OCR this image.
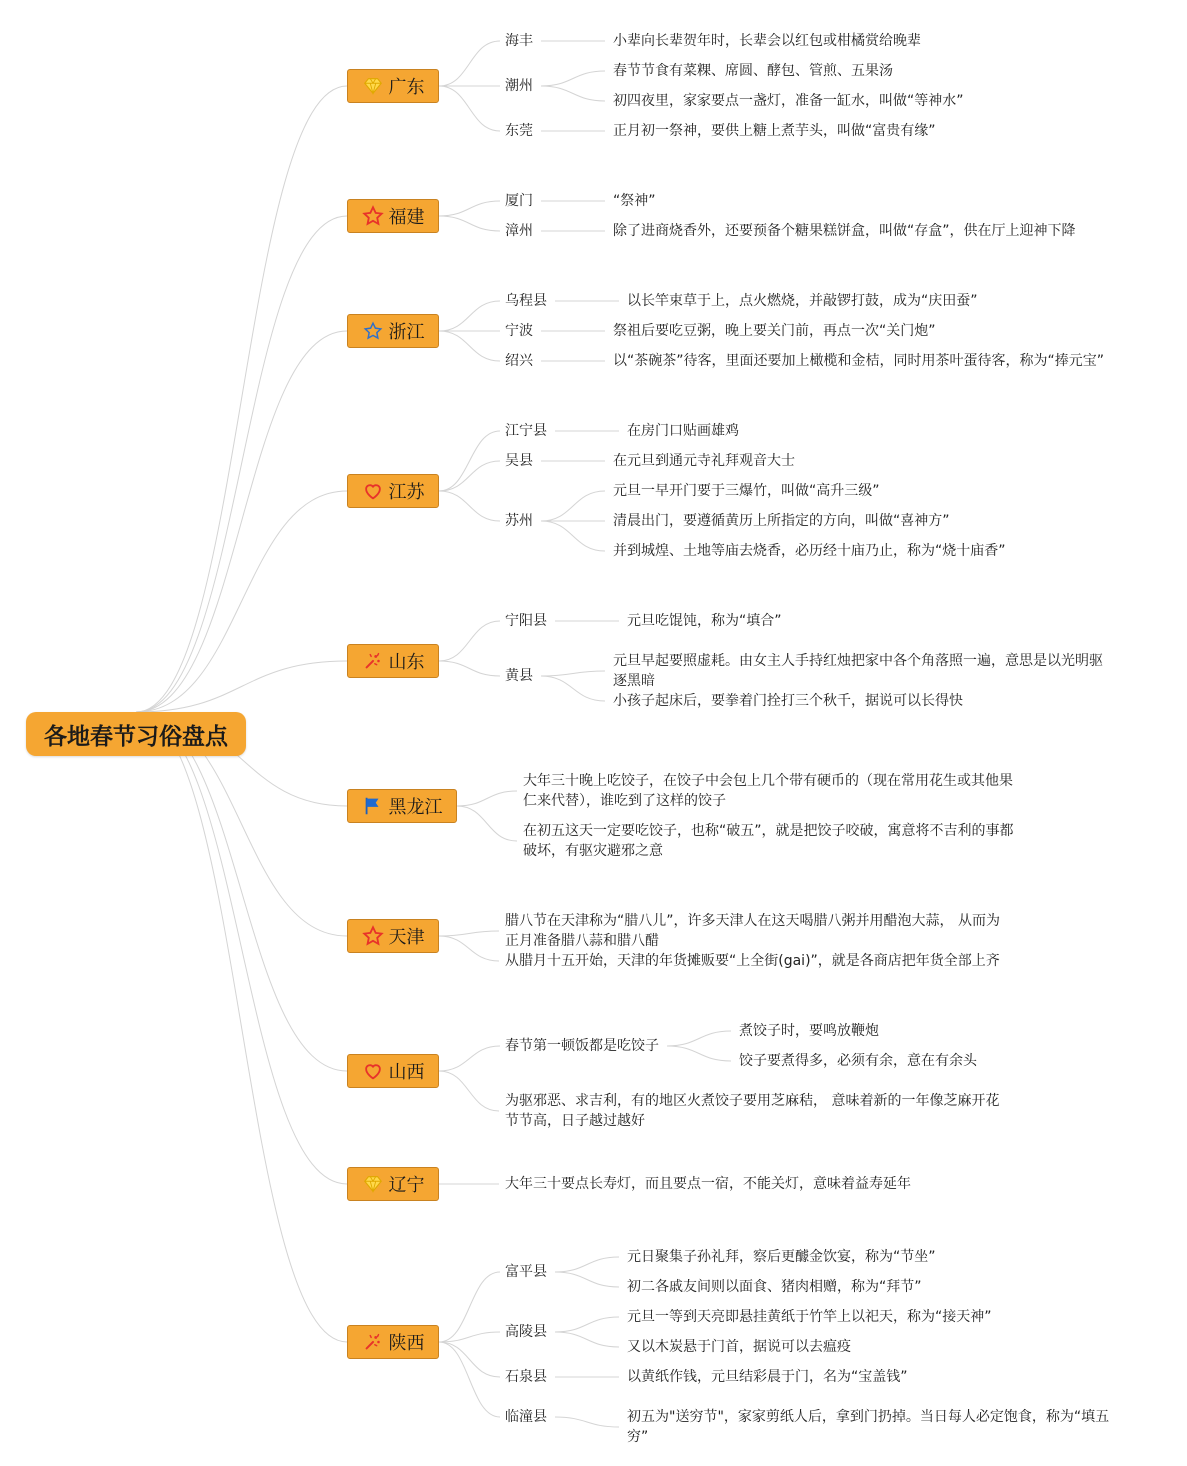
各地春节习俗盘点
广东
海丰	小辈向长辈贺年时，长辈会以红包或柑橘赏给晚辈
潮州
春节节食有菜粿、席圆、酵包、管煎、五果汤
初四夜里，家家要点一盏灯，准备一缸水，叫做“等神水”
东莞	正月初一祭神，要供上糖上煮芋头，叫做“富贵有缘”
福建
厦门	“祭神”
漳州	除了进商烧香外，还要预备个糖果糕饼盒，叫做“存盒”，供在厅上迎神下降
浙江
乌程县	以长竿束草于上，点火燃烧，并敲锣打鼓，成为“庆田蚕”
宁波	祭祖后要吃豆粥，晚上要关门前，再点一次“关门炮”
绍兴	以“茶碗茶”待客，里面还要加上橄榄和金桔，同时用茶叶蛋待客，称为“捧元宝”
江苏
江宁县	在房门口贴画雄鸡
吴县	在元旦到通元寺礼拜观音大士
苏州
元旦一早开门要于三爆竹，叫做“高升三级”
清晨出门，要遵循黄历上所指定的方向，叫做“喜神方”
并到城煌、土地等庙去烧香，必历经十庙乃止，称为“烧十庙香”
山东
宁阳县	元旦吃馄饨，称为“填合”
黄县
元旦早起要照虚耗。由女主人手持红烛把家中各个角落照一遍，意思是以光明驱逐黑暗
小孩子起床后，要拳着门拴打三个秋千，据说可以长得快
黑龙江
大年三十晚上吃饺子，在饺子中会包上几个带有硬币的（现在常用花生或其他果仁来代替），谁吃到了这样的饺子
在初五这天一定要吃饺子，也称“破五”，就是把饺子咬破，寓意将不吉利的事都破坏，有驱灾避邪之意
天津
腊八节在天津称为“腊八儿”，许多天津人在这天喝腊八粥并用醋泡大蒜， 从而为正月准备腊八蒜和腊八醋
从腊月十五开始，天津的年货摊贩要“上全街(gai)”，就是各商店把年货全部上齐
山西
春节第一顿饭都是吃饺子
煮饺子时，要鸣放鞭炮
饺子要煮得多，必须有余，意在有余头
为驱邪恶、求吉利，有的地区火煮饺子要用芝麻秸， 意味着新的一年像芝麻开花节节高，日子越过越好
辽宁	大年三十要点长寿灯，而且要点一宿，不能关灯，意味着益寿延年
陕西
富平县
元日聚集子孙礼拜，察后更醵金饮宴，称为“节坐”
初二各戚友间则以面食、猪肉相赠，称为“拜节”
高陵县
元旦一等到天亮即悬挂黄纸于竹竿上以祀天，称为“接天神”
又以木炭悬于门首，据说可以去瘟疫
石泉县	以黄纸作钱，元旦结彩晨于门，名为“宝盖钱”
临潼县	初五为"送穷节"，家家剪纸人后，拿到门扔掉。当日每人必定饱食，称为“填五穷”
